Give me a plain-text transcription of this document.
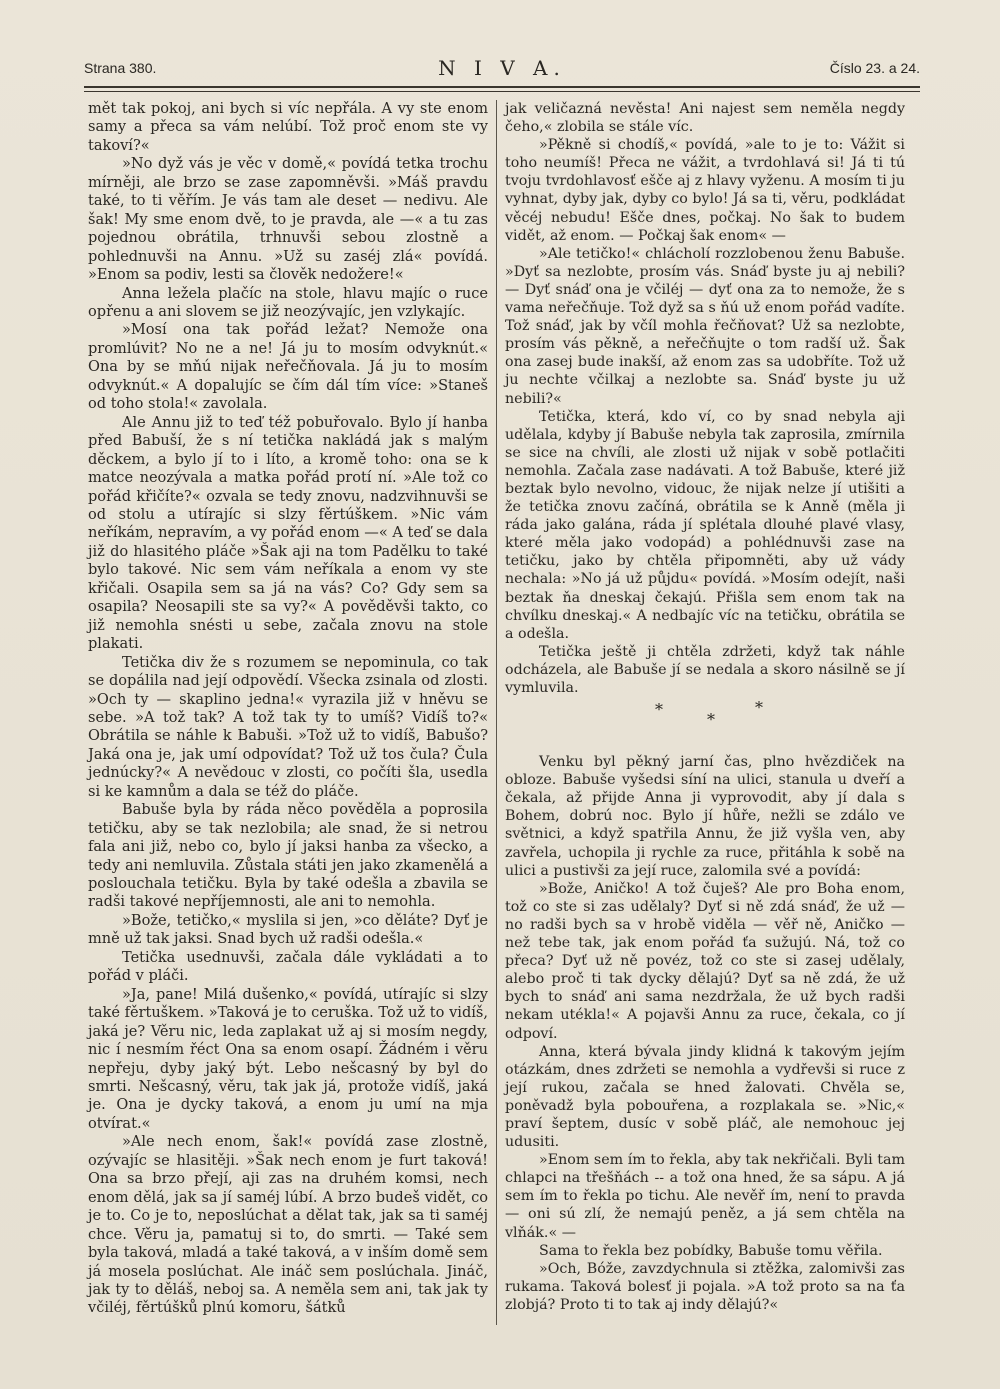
Strana 380.	N I V A.	Číslo 23. a 24.

mět tak pokoj, ani bych si víc nepřála. A vy ste enom samy a přeca sa vám nelúbí. Tož proč enom ste vy takoví?«

»No dyž vás je věc v domě,« povídá tetka trochu mírněji, ale brzo se zase zapomněvši. »Máš pravdu také, to ti věřím. Je vás tam ale deset — nedivu. Ale šak! My sme enom dvě, to je pravda, ale —« a tu zas pojednou obrátila, trhnuvši sebou zlostně a pohlednuvši na Annu. »Už su zaséj zlá« povídá. »Enom sa podiv, lesti sa člověk nedožere!«

Anna ležela plačíc na stole, hlavu majíc o ruce opřenu a ani slovem se již neozývajíc, jen vzlykajíc.

»Mosí ona tak pořád ležat? Nemože ona promlúvit? No ne a ne! Já ju to mosím odvyknút.« Ona by se mňú nijak neřečňovala. Já ju to mosím odvyknút.« A dopalujíc se čím dál tím více: »Staneš od toho stola!« zavolala.

Ale Annu již to teď též pobuřovalo. Bylo jí hanba před Babuší, že s ní tetička nakládá jak s malým děckem, a bylo jí to i líto, a kromě toho: ona se k matce neozývala a matka pořád protí ní. »Ale tož co pořád křičíte?« ozvala se tedy znovu, nadzvihnuvši se od stolu a utírajíc si slzy fěrtúškem. »Nic vám neříkám, nepravím, a vy pořád enom —« A teď se dala již do hlasitého pláče »Šak aji na tom Padělku to také bylo takové. Nic sem vám neříkala a enom vy ste křičali. Osapila sem sa já na vás? Co? Gdy sem sa osapila? Neosapili ste sa vy?« A pověděvši takto, co již nemohla snésti u sebe, začala znovu na stole plakati.

Tetička div že s rozumem se nepominula, co tak se dopálila nad její odpovědí. Všecka zsinala od zlosti. »Och ty — skaplino jedna!« vyrazila již v hněvu se sebe. »A tož tak? A tož tak ty to umíš? Vidíš to?« Obrátila se náhle k Babuši. »Tož už to vidíš, Babušo? Jaká ona je, jak umí odpovídat? Tož už tos čula? Čula jednúcky?« A nevědouc v zlosti, co počíti šla, usedla si ke kamnům a dala se též do pláče.

Babuše byla by ráda něco pověděla a poprosila tetičku, aby se tak nezlobila; ale snad, že si netrou fala ani již, nebo co, bylo jí jaksi hanba za všecko, a tedy ani nemluvila. Zůstala státi jen jako zkamenělá a poslouchala tetičku. Byla by také odešla a zbavila se radši takové nepříjemnosti, ale ani to nemohla.

»Bože, tetičko,« myslila si jen, »co děláte? Dyť je mně už tak jaksi. Snad bych už radši odešla.«

Tetička usednuvši, začala dále vykládati a to pořád v pláči.

»Ja, pane! Milá dušenko,« povídá, utírajíc si slzy také fěrtuškem. »Taková je to ceruška. Tož už to vidíš, jaká je? Věru nic, leda zaplakat už aj si mosím negdy, nic í nesmím řéct Ona sa enom osapí. Žádném i věru nepřeju, dyby jaký být. Lebo nešcasný by byl do smrti. Nešcasný, věru, tak jak já, protože vidíš, jaká je. Ona je dycky taková, a enom ju umí na mja otvírat.«

»Ale nech enom, šak!« povídá zase zlostně, ozývajíc se hlasitěji. »Šak nech enom je furt taková! Ona sa brzo přejí, aji zas na druhém komsi, nech enom dělá, jak sa jí saméj lúbí. A brzo budeš vidět, co je to. Co je to, neposlúchat a dělat tak, jak sa ti saméj chce. Věru ja, pamatuj si to, do smrti. — Také sem byla taková, mladá a také taková, a v inším domě sem já mosela poslúchat. Ale ináč sem poslúchala. Jináč, jak ty to děláš, neboj sa. A neměla sem ani, tak jak ty včiléj, fěrtúšků plnú komoru, šátků

jak veličazná nevěsta! Ani najest sem neměla negdy čeho,« zlobila se stále víc.

»Pěkně si chodíš,« povídá, »ale to je to: Vážit si toho neumíš! Přeca ne vážit, a tvrdohlavá si! Já ti tú tvoju tvrdohlavosť ešče aj z hlavy vyženu. A mosím ti ju vyhnat, dyby jak, dyby co bylo! Já sa ti, věru, podkládat věcéj nebudu! Ešče dnes, počkaj. No šak to budem vidět, až enom. — Počkaj šak enom« —

»Ale tetičko!« chlácholí rozzlobenou ženu Babuše. »Dyť sa nezlobte, prosím vás. Snáď byste ju aj nebili? — Dyť snáď ona je včiléj — dyť ona za to nemože, že s vama neřečňuje. Tož dyž sa s ňú už enom pořád vadíte. Tož snáď, jak by včíl mohla řečňovat? Už sa nezlobte, prosím vás pěkně, a neřečňujte o tom radší už. Šak ona zasej bude inakší, až enom zas sa udobříte. Tož už ju nechte včilkaj a nezlobte sa. Snáď byste ju už nebili?«

Tetička, která, kdo ví, co by snad nebyla aji udělala, kdyby jí Babuše nebyla tak zaprosila, zmírnila se sice na chvíli, ale zlosti už nijak v sobě potlačiti nemohla. Začala zase nadávati. A tož Babuše, které již beztak bylo nevolno, vidouc, že nijak nelze jí utišiti a že tetička znovu začíná, obrátila se k Anně (měla ji ráda jako galána, ráda jí splétala dlouhé plavé vlasy, které měla jako vodopád) a pohlédnuvši zase na tetičku, jako by chtěla připomněti, aby už vády nechala: »No já už půjdu« povídá. »Mosím odejít, naši beztak ňa dneskaj čekajú. Přišla sem enom tak na chvílku dneskaj.« A nedbajíc víc na tetičku, obrátila se a odešla.

Tetička ještě ji chtěla zdržeti, když tak náhle odcházela, ale Babuše jí se nedala a skoro násilně se jí vymluvila.

*
*
*

Venku byl pěkný jarní čas, plno hvězdiček na obloze. Babuše vyšedsi síní na ulici, stanula u dveří a čekala, až přijde Anna ji vyprovodit, aby jí dala s Bohem, dobrú noc. Bylo jí hůře, nežli se zdálo ve světnici, a když spatřila Annu, že již vyšla ven, aby zavřela, uchopila ji rychle za ruce, přitáhla k sobě na ulici a pustivši za její ruce, zalomila své a povídá:

»Bože, Aničko! A tož čuješ? Ale pro Boha enom, tož co ste si zas udělaly? Dyť si ně zdá snáď, že už — no radši bych sa v hrobě viděla — věř ně, Aničko — než tebe tak, jak enom pořád ťa sužujú. Ná, tož co přeca? Dyť už ně povéz, tož co ste si zasej udělaly, alebo proč ti tak dycky dělajú? Dyť sa ně zdá, že už bych to snáď ani sama nezdržala, že už bych radši nekam utékla!« A pojavši Annu za ruce, čekala, co jí odpoví.

Anna, která bývala jindy klidná k takovým jejím otázkám, dnes zdržeti se nemohla a vydřevši si ruce z její rukou, začala se hned žalovati. Chvěla se, poněvadž byla pobouřena, a rozplakala se. »Nic,« praví šeptem, dusíc v sobě pláč, ale nemohouc jej udusiti.

»Enom sem ím to řekla, aby tak nekřičali. Byli tam chlapci na třešňách -- a tož ona hned, že sa sápu. A já sem ím to řekla po tichu. Ale nevěř ím, není to pravda — oni sú zlí, že nemajú peněz, a já sem chtěla na vlňák.« —

Sama to řekla bez pobídky, Babuše tomu věřila.

»Och, Bóže, zavzdychnula si ztěžka, zalomivši zas rukama. Taková bolesť ji pojala. »A tož proto sa na ťa zlobjá? Proto ti to tak aj indy dělajú?«
